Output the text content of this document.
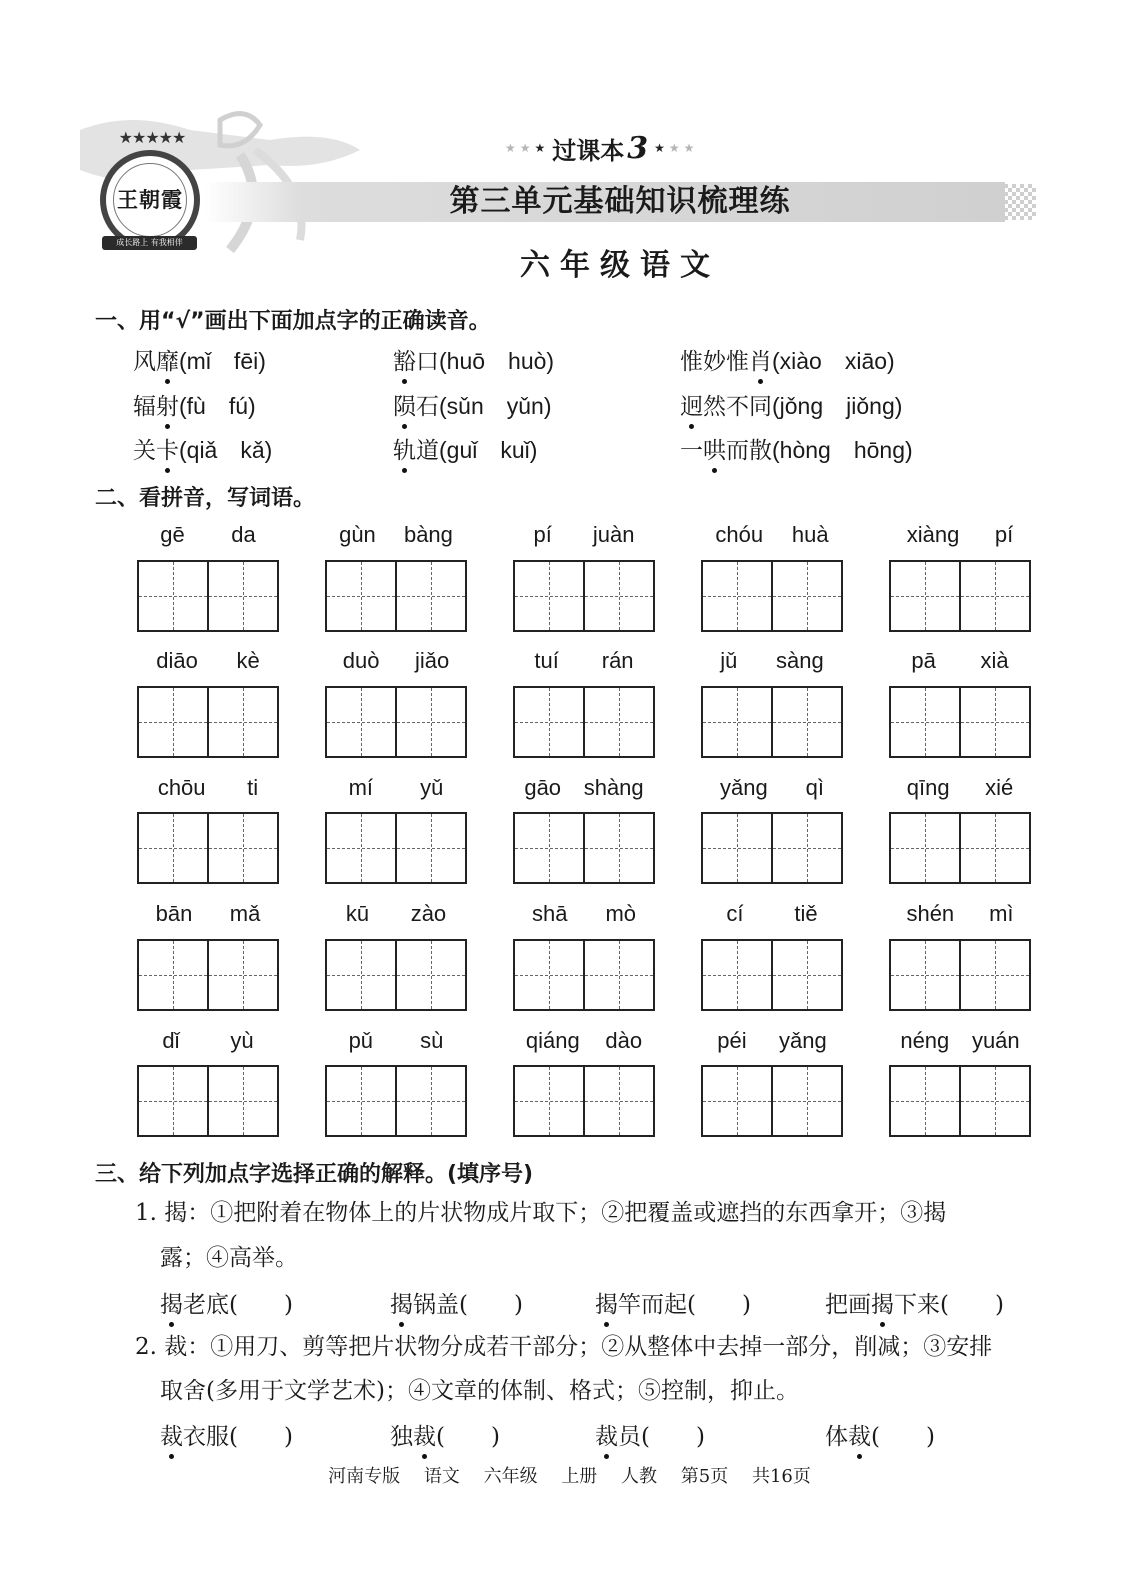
★★★★★
王朝霞
成长路上 有我相伴
★★★ 过课本 3 ★★★
第三单元基础知识梳理练
六年级语文
一、用“√”画出下面加点字的正确读音。
风靡(mǐ　fēi)	豁口(huō　huò)	惟妙惟肖(xiào　xiāo)
辐射(fù　fú)	陨石(sǔn　yǔn)	迥然不同(jǒng　jiǒng)
关卡(qiǎ　kǎ)	轨道(guǐ　kuǐ)	一哄而散(hòng　hōng)
二、看拼音，写词语。
gē da	gùn bàng	pí juàn	chóu huà	xiàng pí
diāo kè	duò jiǎo	tuí rán	jǔ sàng	pā xià
chōu ti	mí yǔ	gāo shàng	yǎng qì	qīng xié
bān mǎ	kū zào	shā mò	cí tiě	shén mì
dǐ yù	pǔ sù	qiáng dào	péi yǎng	néng yuán
三、给下列加点字选择正确的解释。(填序号)
1. 揭：①把附着在物体上的片状物成片取下；②把覆盖或遮挡的东西拿开；③揭
露；④高举。
揭老底(　　)	揭锅盖(　　)	揭竿而起(　　)	把画揭下来(　　)
2. 裁：①用刀、剪等把片状物分成若干部分；②从整体中去掉一部分，削减；③安排
取舍(多用于文学艺术)；④文章的体制、格式；⑤控制，抑止。
裁衣服(　　)	独裁(　　)	裁员(　　)	体裁(　　)
河南专版 语文 六年级 上册 人教 第5页 共16页
